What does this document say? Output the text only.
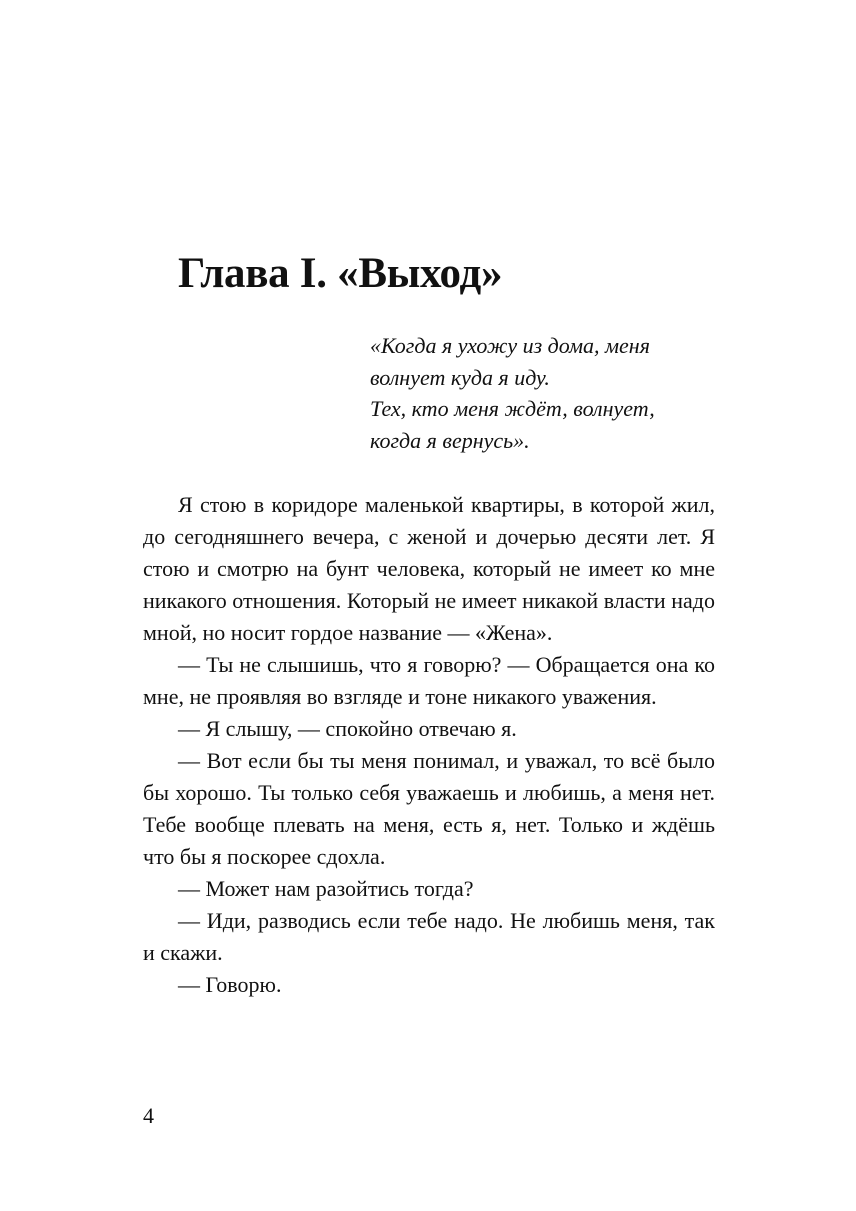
Глава I. «Выход»
«Когда я ухожу из дома, меня
волнует куда я иду.
Тех, кто меня ждёт, волнует,
когда я вернусь».

Я стою в коридоре маленькой квартиры, в которой жил, до сегодняшнего вечера, с женой и дочерью десяти лет. Я стою и смотрю на бунт человека, который не имеет ко мне никакого отношения. Который не имеет никакой власти надо мной, но носит гордое название — «Жена».

— Ты не слышишь, что я говорю? — Обращается она ко мне, не проявляя во взгляде и тоне никакого уважения.

— Я слышу, — спокойно отвечаю я.

— Вот если бы ты меня понимал, и уважал, то всё было бы хорошо. Ты только себя уважаешь и любишь, а меня нет. Тебе вообще плевать на меня, есть я, нет. Только и ждёшь что бы я поскорее сдохла.

— Может нам разойтись тогда?

— Иди, разводись если тебе надо. Не любишь меня, так и скажи.

— Говорю.

4
